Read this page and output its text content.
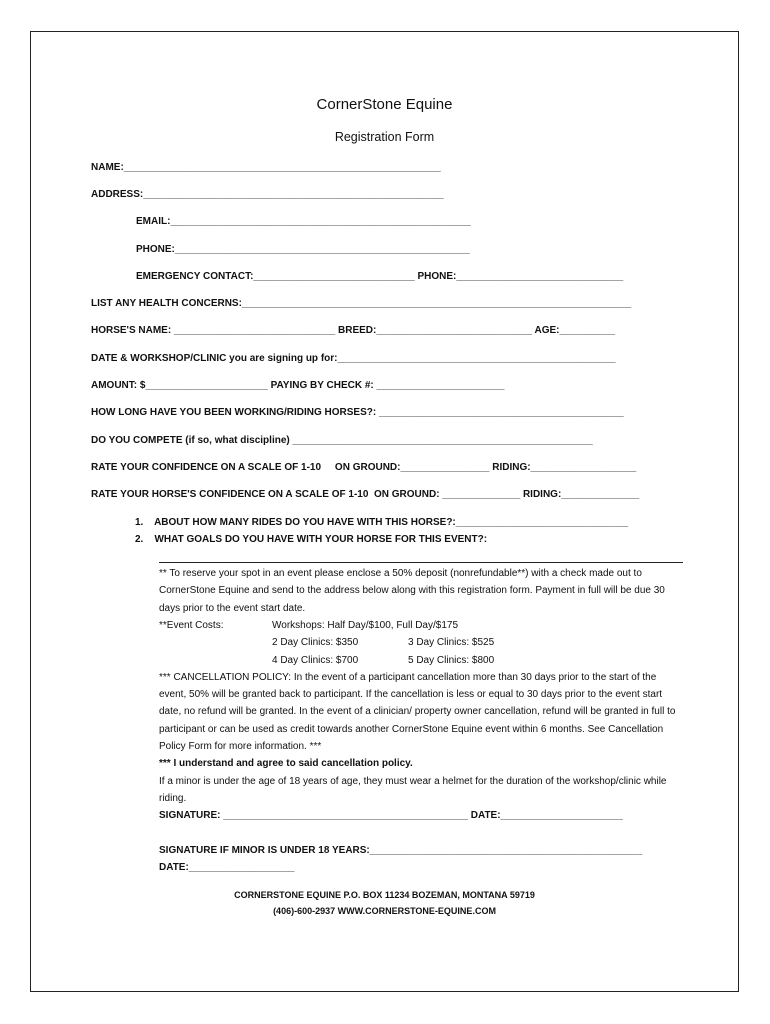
CornerStone Equine
Registration Form
NAME:_________________________________________________________
ADDRESS:______________________________________________________
EMAIL:______________________________________________________
PHONE:_____________________________________________________
EMERGENCY CONTACT:_____________________________ PHONE:______________________________
LIST ANY HEALTH CONCERNS:______________________________________________________________________
HORSE'S NAME: _____________________________ BREED:____________________________ AGE:__________
DATE & WORKSHOP/CLINIC you are signing up for:__________________________________________________
AMOUNT: $______________________ PAYING BY CHECK #: _______________________
HOW LONG HAVE YOU BEEN WORKING/RIDING HORSES?: ____________________________________________
DO YOU COMPETE (if so, what discipline) ______________________________________________________
RATE YOUR CONFIDENCE ON A SCALE OF 1-10     ON GROUND:________________ RIDING:___________________
RATE YOUR HORSE'S CONFIDENCE ON A SCALE OF 1-10  ON GROUND: ______________ RIDING:______________
1.    ABOUT HOW MANY RIDES DO YOU HAVE WITH THIS HORSE?:_______________________________
2.    WHAT GOALS DO YOU HAVE WITH YOUR HORSE FOR THIS EVENT?:

** To reserve your spot in an event please enclose a 50% deposit (nonrefundable**) with a check made out to CornerStone Equine and send to the address below along with this registration form. Payment in full will be due 30 days prior to the event start date.

**Event Costs:	Workshops: Half Day/$100, Full Day/$175
2 Day Clinics: $350	3 Day Clinics: $525
4 Day Clinics: $700	5 Day Clinics: $800

*** CANCELLATION POLICY: In the event of a participant cancellation more than 30 days prior to the start of the event, 50% will be granted back to participant. If the cancellation is less or equal to 30 days prior to the event start date, no refund will be granted. In the event of a clinician/ property owner cancellation, refund will be granted in full to participant or can be used as credit towards another CornerStone Equine event within 6 months. See Cancellation Policy Form for more information. ***

*** I understand and agree to said cancellation policy.

If a minor is under the age of 18 years of age, they must wear a helmet for the duration of the workshop/clinic while riding.

SIGNATURE: ____________________________________________ DATE:______________________

SIGNATURE IF MINOR IS UNDER 18 YEARS:_________________________________________________

DATE:___________________

CORNERSTONE EQUINE P.O. BOX 11234 BOZEMAN, MONTANA 59719
(406)-600-2937 WWW.CORNERSTONE-EQUINE.COM
